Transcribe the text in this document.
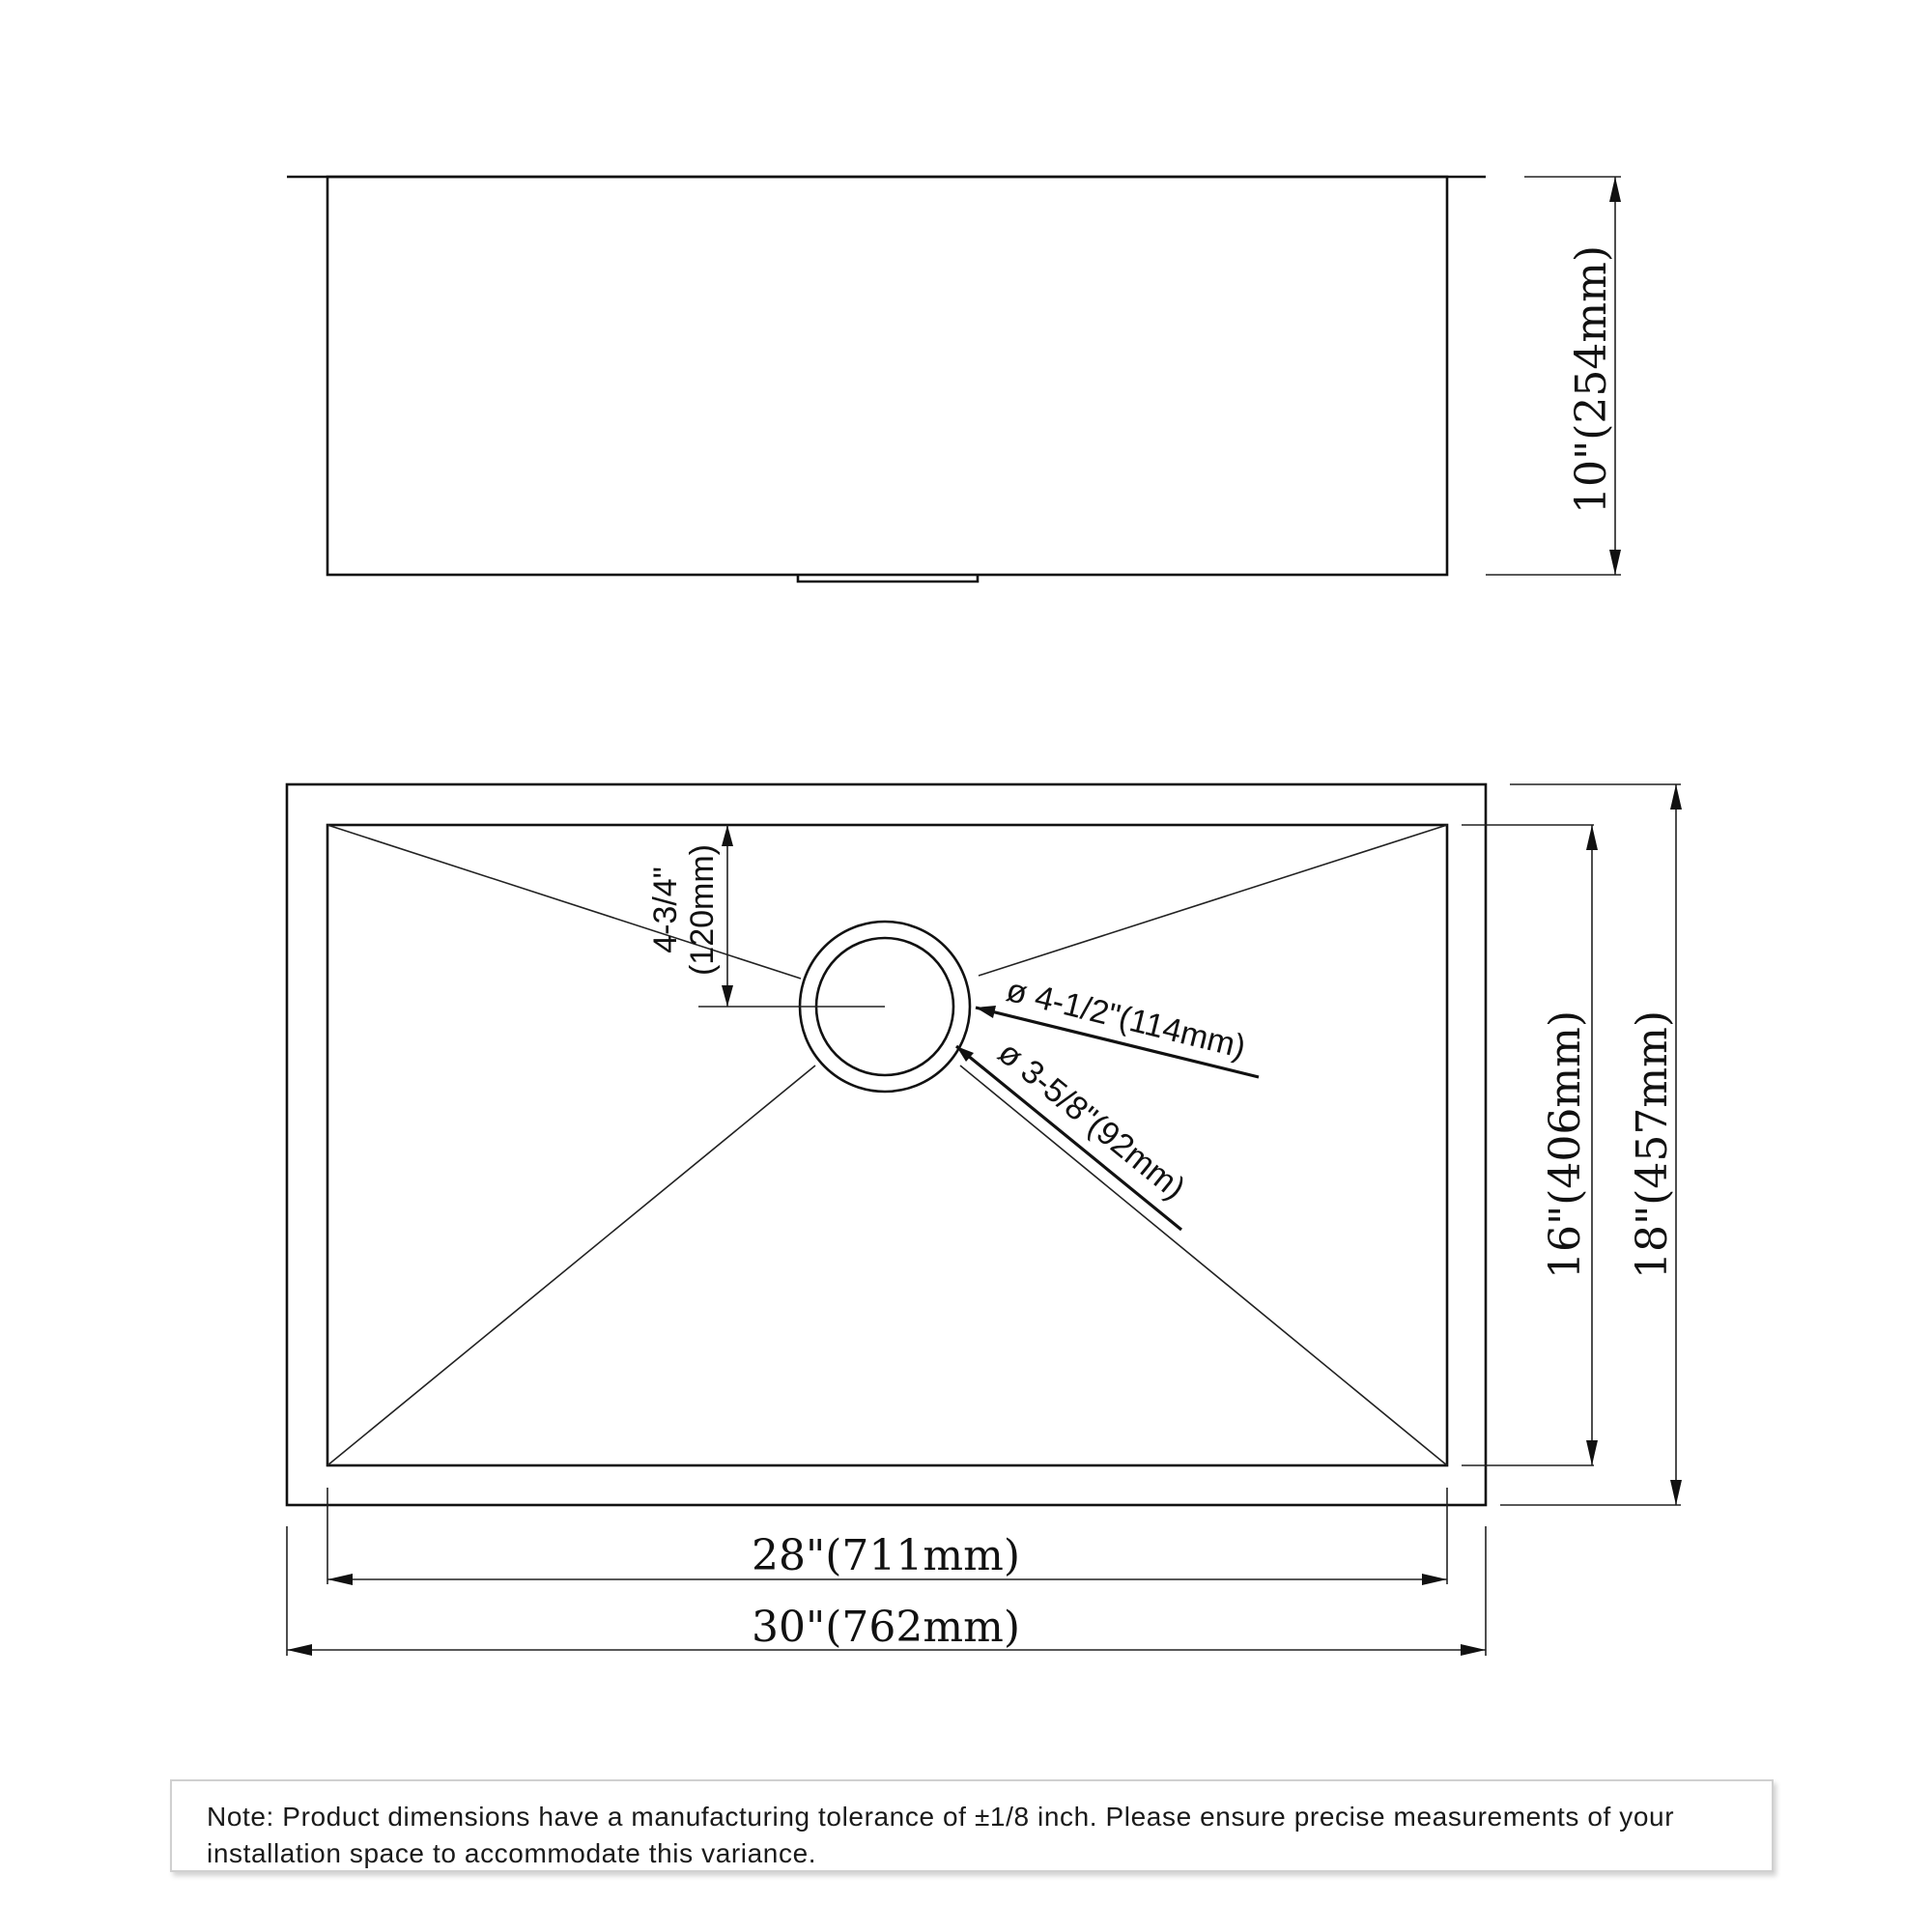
10"(254mm)
4-3/4" (120mm)
ø 4-1/2"(114mm)
ø 3-5/8"(92mm)	16"(406mm) 18"(457mm)
28"(711mm)
30"(762mm)
Note: Product dimensions have a manufacturing tolerance of ±1/8 inch. Please ensure precise measurements of your installation space to accommodate this variance.
